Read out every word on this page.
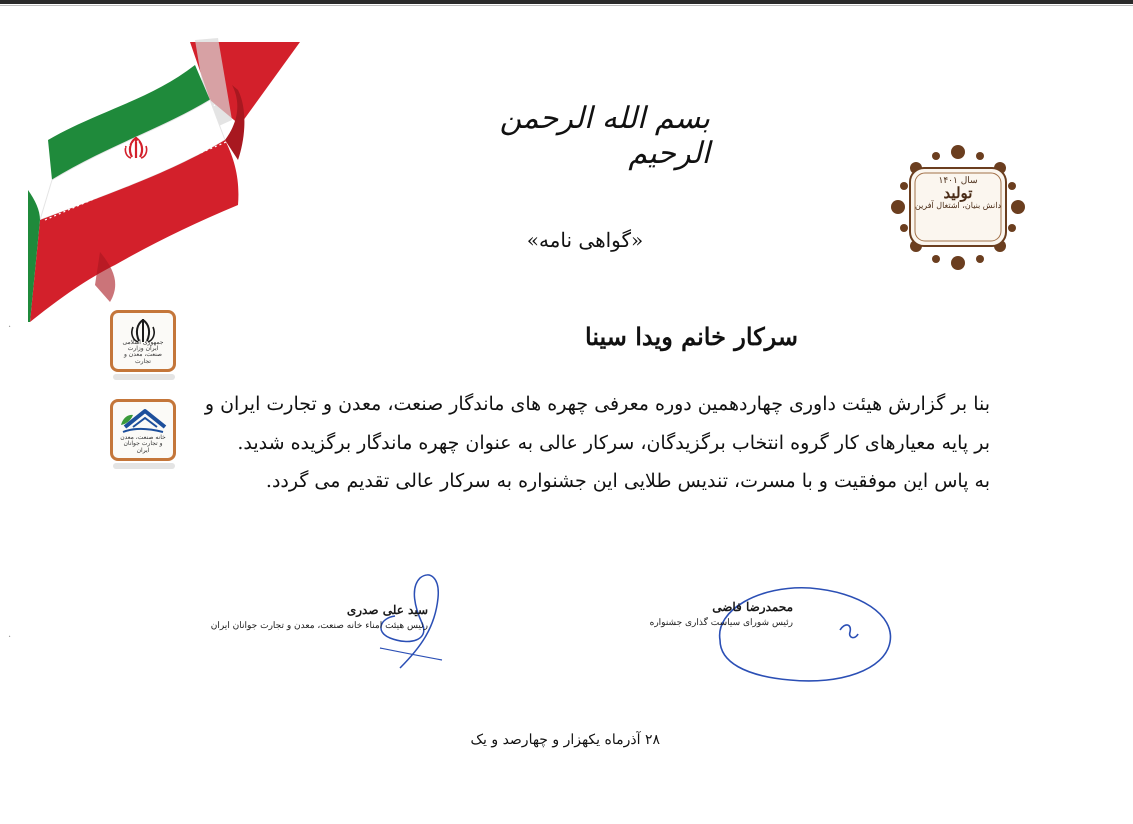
بسم الله الرحمن الرحیم
«گواهی نامه»
سال ۱۴۰۱
تولید
دانش بنیان، اشتغال آفرین
جمهوری اسلامی ایران وزارت صنعت، معدن و تجارت
خانه صنعت، معدن و تجارت جوانان ایران
سرکار خانم ویدا سینا
بنا بر گزارش هیئت داوری چهاردهمین دوره معرفی چهره های ماندگار صنعت، معدن و تجارت ایران و
بر پایه معیارهای کار گروه انتخاب برگزیدگان، سرکار عالی به عنوان چهره ماندگار برگزیده شدید.
به پاس این موفقیت و با مسرت، تندیس طلایی این جشنواره به سرکار عالی تقدیم می گردد.
سید علی صدری
رئیس هیئت امناء خانه صنعت، معدن و تجارت جوانان ایران
محمدرضا فاضی
رئیس شورای سیاست گذاری جشنواره
۲۸ آذرماه یکهزار و چهارصد و یک
·
·
